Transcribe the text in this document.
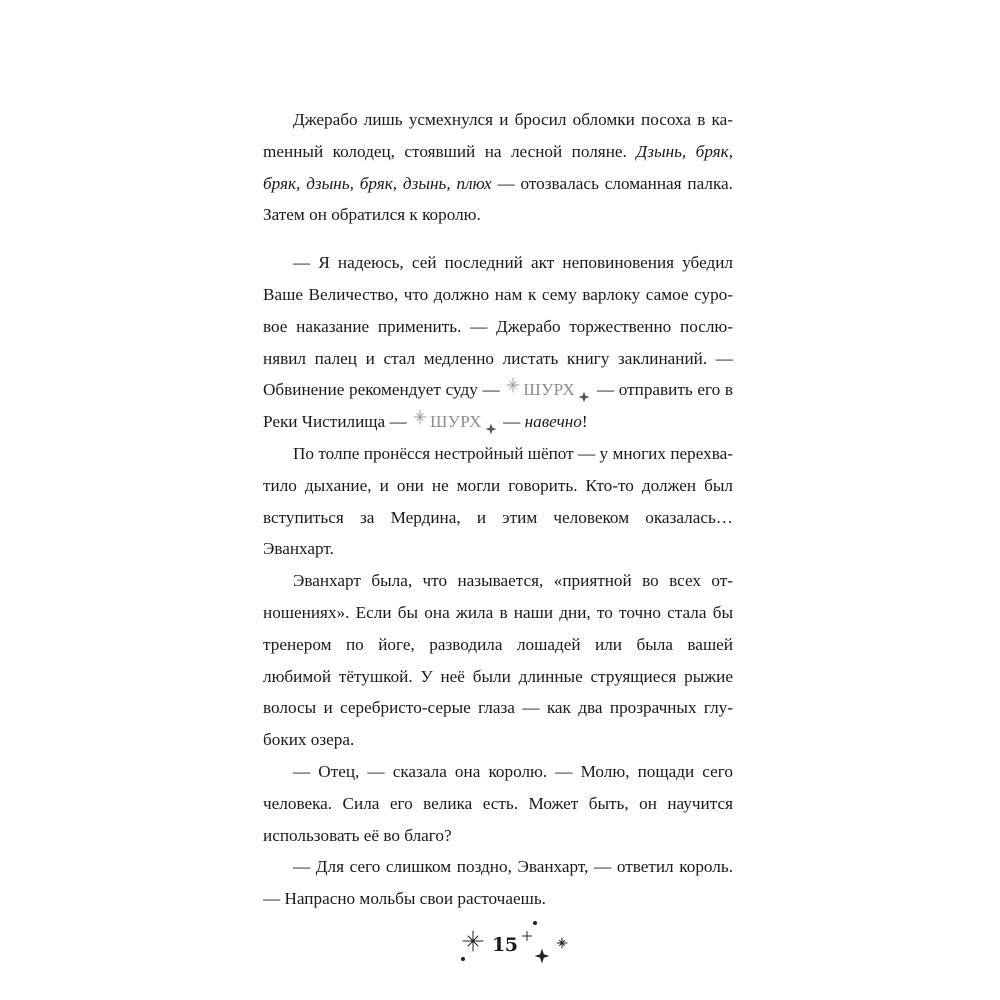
Джерабо лишь усмехнулся и бросил обломки посоха в каmенный колодец, стоявший на лесной поляне. Дзынь, бряк, бряк, дзынь, бряк, дзынь, плюх — отозвалась сломанная палка. Затем он обратился к королю.

— Я надеюсь, сей последний акт неповиновения убедил Ваше Величество, что должно нам к сему варлоку самое суровое наказание применить. — Джерабо торжественно послюнявил палец и стал медленно листать книгу заклинаний. — Обвинение рекомендует суду — ШУРХ — отправить его в Реки Чистилища — ШУРХ — навечно!

По толпе пронёсся нестройный шёпот — у многих перехватило дыхание, и они не могли говорить. Кто-то должен был вступиться за Мердина, и этим человеком оказалась… Эванхарт.

Эванхарт была, что называется, «приятной во всех отношениях». Если бы она жила в наши дни, то точно стала бы тренером по йоге, разводила лошадей или была вашей любимой тётушкой. У неё были длинные струящиеся рыжие волосы и серебристо-серые глаза — как два прозрачных глубоких озера.

— Отец, — сказала она королю. — Молю, пощади сего человека. Сила его велика есть. Может быть, он научится использовать её во благо?

— Для сего слишком поздно, Эванхарт, — ответил король. — Напрасно мольбы свои расточаешь.

15
